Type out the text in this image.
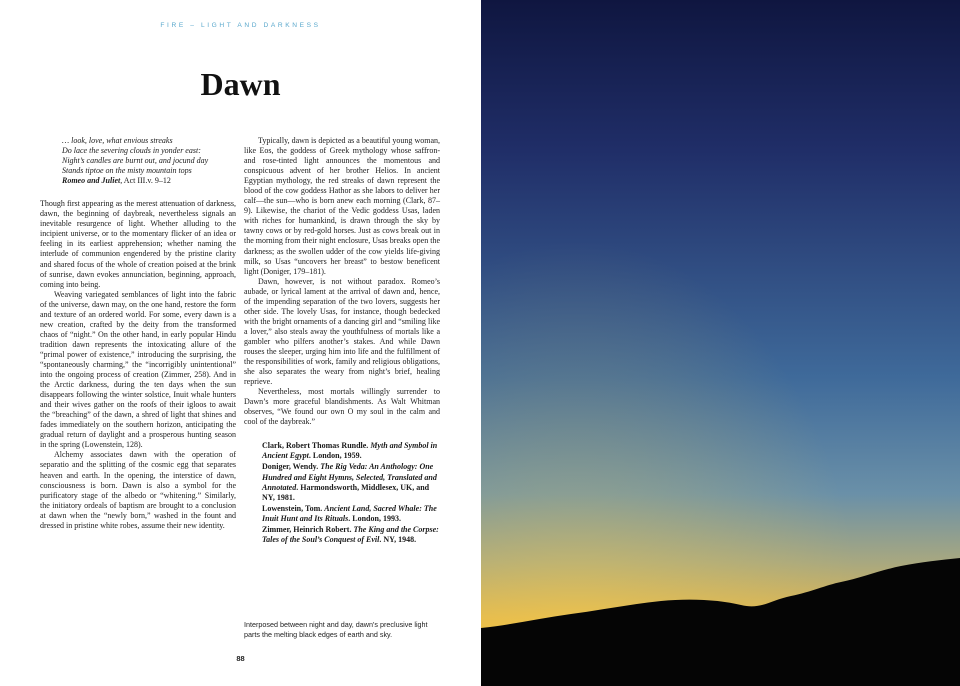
FIRE – LIGHT AND DARKNESS
Dawn
… look, love, what envious streaks
Do lace the severing clouds in yonder east:
Night’s candles are burnt out, and jocund day
Stands tiptoe on the misty mountain tops
Romeo and Juliet, Act III.v. 9–12

Though first appearing as the merest attenuation of darkness, dawn, the beginning of daybreak, nevertheless signals an inevitable resurgence of light. Whether alluding to the incipient universe, or to the momentary flicker of an idea or feeling in its earliest apprehension; whether naming the interlude of communion engendered by the pristine clarity and shared focus of the whole of creation poised at the brink of sunrise, dawn evokes annunciation, beginning, approach, coming into being.

Weaving variegated semblances of light into the fabric of the universe, dawn may, on the one hand, restore the form and texture of an ordered world. For some, every dawn is a new creation, crafted by the deity from the transformed chaos of “night.” On the other hand, in early popular Hindu tradition dawn represents the intoxicating allure of the “primal power of existence,” introducing the surprising, the “spontaneously charming,” the “incorrigibly unintentional” into the ongoing process of creation (Zimmer, 258). And in the Arctic darkness, during the ten days when the sun disappears following the winter solstice, Inuit whale hunters and their wives gather on the roofs of their igloos to await the “breaching” of the dawn, a shred of light that shines and fades immediately on the southern horizon, anticipating the gradual return of daylight and a prosperous hunting season in the spring (Lowenstein, 128).

Alchemy associates dawn with the operation of separatio and the splitting of the cosmic egg that separates heaven and earth. In the opening, the interstice of dawn, consciousness is born. Dawn is also a symbol for the purificatory stage of the albedo or “whitening.” Similarly, the initiatory ordeals of baptism are brought to a conclusion at dawn when the “newly born,” washed in the fount and dressed in pristine white robes, assume their new identity.

Typically, dawn is depicted as a beautiful young woman, like Eos, the goddess of Greek mythology whose saffron- and rose-tinted light announces the momentous and conspicuous advent of her brother Helios. In ancient Egyptian mythology, the red streaks of dawn represent the blood of the cow goddess Hathor as she labors to deliver her calf—the sun—who is born anew each morning (Clark, 87–9). Likewise, the chariot of the Vedic goddess Usas, laden with riches for humankind, is drawn through the sky by tawny cows or by red-gold horses. Just as cows break out in the morning from their night enclosure, Usas breaks open the darkness; as the swollen udder of the cow yields life-giving milk, so Usas “uncovers her breast” to bestow beneficent light (Doniger, 179–181).

Dawn, however, is not without paradox. Romeo’s aubade, or lyrical lament at the arrival of dawn and, hence, of the impending separation of the two lovers, suggests her other side. The lovely Usas, for instance, though bedecked with the bright ornaments of a dancing girl and “smiling like a lover,” also steals away the youthfulness of mortals like a gambler who pilfers another’s stakes. And while Dawn rouses the sleeper, urging him into life and the fulfillment of the responsibilities of work, family and religious obligations, she also separates the weary from night’s brief, healing reprieve.

Nevertheless, most mortals willingly surrender to Dawn’s more graceful blandishments. As Walt Whitman observes, “We found our own O my soul in the calm and cool of the daybreak.”

Clark, Robert Thomas Rundle. Myth and Symbol in Ancient Egypt. London, 1959.
Doniger, Wendy. The Rig Veda: An Anthology: One Hundred and Eight Hymns, Selected, Translated and Annotated. Harmondsworth, Middlesex, UK, and NY, 1981.
Lowenstein, Tom. Ancient Land, Sacred Whale: The Inuit Hunt and Its Rituals. London, 1993.
Zimmer, Heinrich Robert. The King and the Corpse: Tales of the Soul’s Conquest of Evil. NY, 1948.
Interposed between night and day, dawn’s preclusive light parts the melting black edges of earth and sky.
88
